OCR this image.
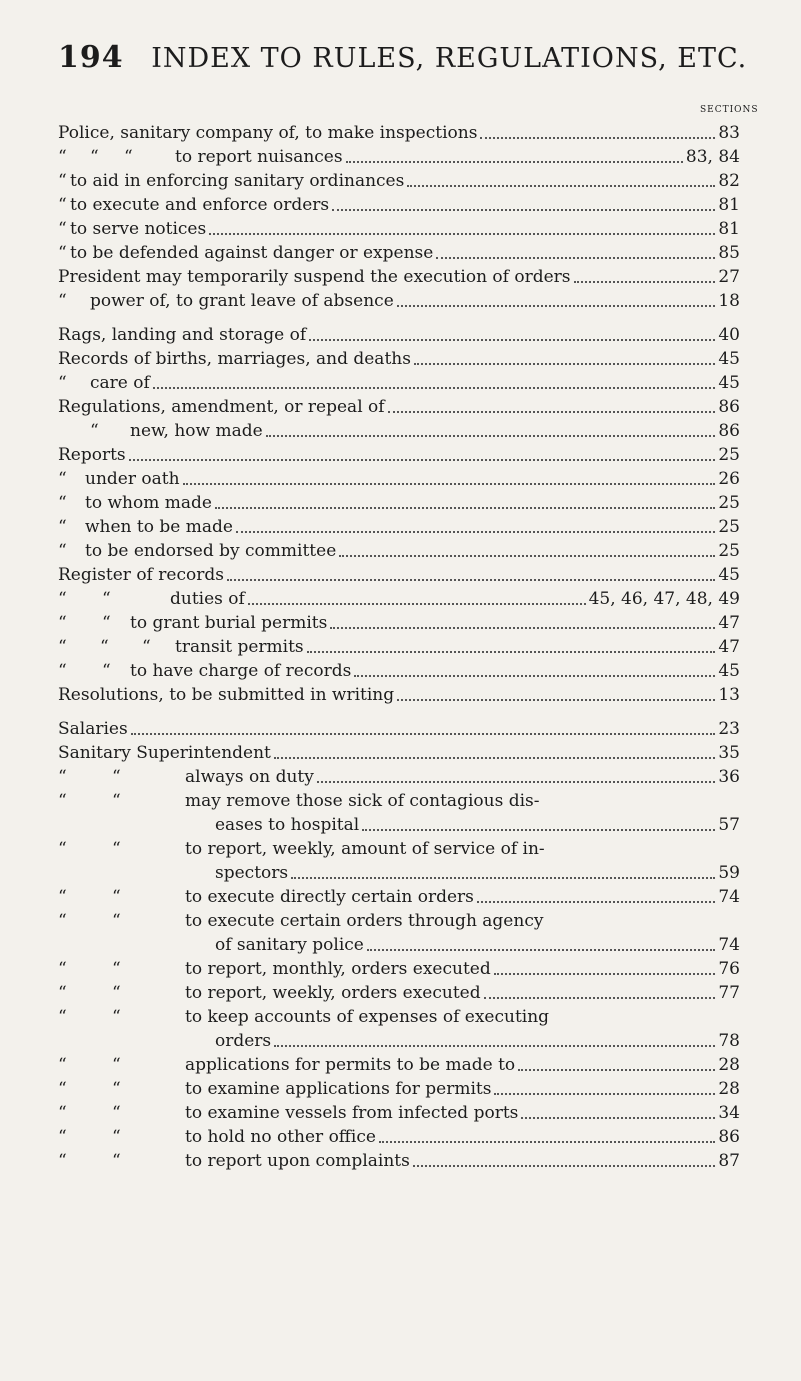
194 INDEX TO RULES, REGULATIONS, ETC.
SECTIONS
Police, sanitary company of, to make inspections	83
“ “ “ to report nuisances	83, 84
“ to aid in enforcing sanitary ordinances	82
“ to execute and enforce orders	81
“ to serve notices	81
“ to be defended against danger or expense	85
President may temporarily suspend the execution of orders	27
“ power of, to grant leave of absence	18
Rags, landing and storage of	40
Records of births, marriages, and deaths	45
“ care of	45
Regulations, amendment, or repeal of	86
“ new, how made	86
Reports	25
“ under oath	26
“ to whom made	25
“ when to be made	25
“ to be endorsed by committee	25
Register of records	45
“ “	duties of	45, 46, 47, 48, 49
“ “ to grant burial permits	47
“ “ “ transit permits	47
“ “ to have charge of records	45
Resolutions, to be submitted in writing	13
Salaries	23
Sanitary Superintendent	35
“	“	always on duty	36
“	“	may remove those sick of contagious dis-
eases to hospital	57
“	“	to report, weekly, amount of service of in-
spectors	59
“	“	to execute directly certain orders	74
“	“	to execute certain orders through agency
of sanitary police	74
“	“	to report, monthly, orders executed	76
“	“	to report, weekly, orders executed	77
“	“	to keep accounts of expenses of executing
orders	78
“	“	applications for permits to be made to	28
“	“	to examine applications for permits	28
“	“	to examine vessels from infected ports	34
“	“	to hold no other office	86
“	“	to report upon complaints	87
